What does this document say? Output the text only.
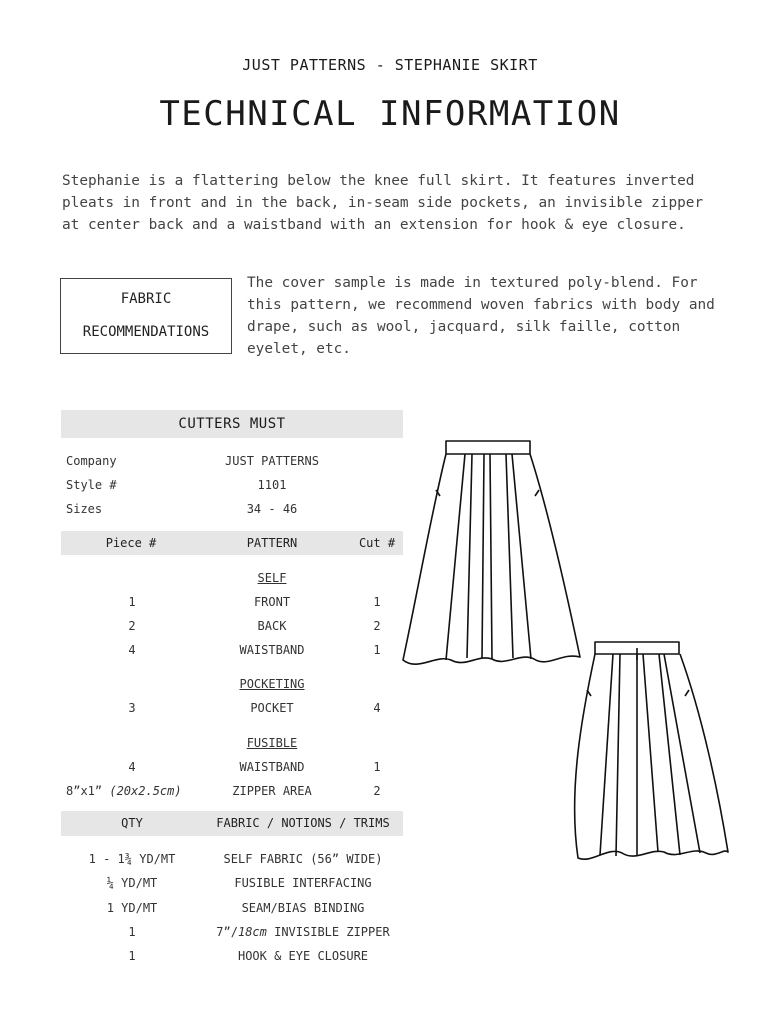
JUST PATTERNS - STEPHANIE SKIRT
TECHNICAL INFORMATION

Stephanie is a flattering below the knee full skirt. It features inverted pleats in front and in the back, in-seam side pockets, an invisible zipper at center back and a waistband with an extension for hook & eye closure.

FABRIC
RECOMMENDATIONS

The cover sample is made in textured poly-blend. For this pattern, we recommend woven fabrics with body and drape, such as wool, jacquard, silk faille, cotton eyelet, etc.

CUTTERS MUST
Company	JUST PATTERNS
Style #	1101
Sizes	34 - 46
Piece #	PATTERN	Cut #
SELF
1	FRONT	1
2	BACK	2
4	WAISTBAND	1
POCKETING
3	POCKET	4
FUSIBLE
4	WAISTBAND	1
8”x1” (20x2.5cm)	ZIPPER AREA	2
QTY	FABRIC / NOTIONS / TRIMS
1 - 1¾ YD/MT	SELF FABRIC (56” WIDE)
¼ YD/MT	FUSIBLE INTERFACING
1 YD/MT	SEAM/BIAS BINDING
1	7”/18cm INVISIBLE ZIPPER
1	HOOK & EYE CLOSURE
